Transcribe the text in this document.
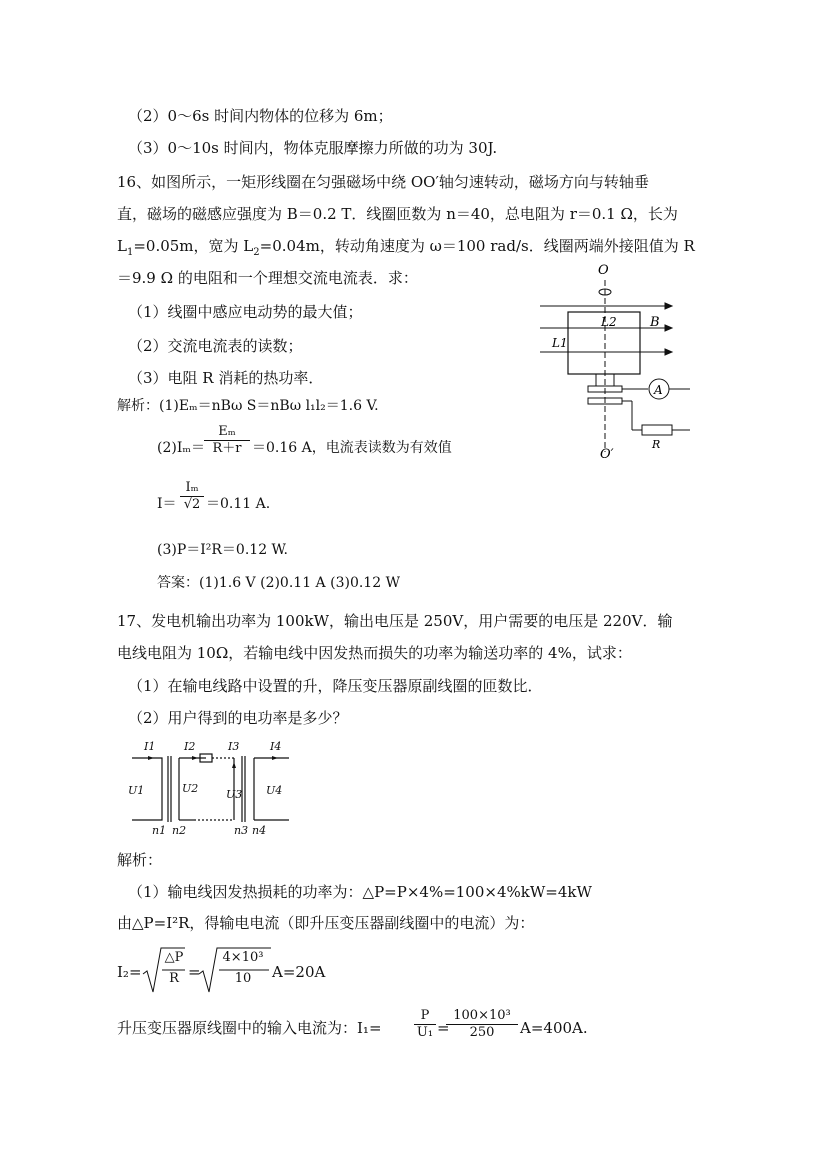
（2）0～6s 时间内物体的位移为 6m；
（3）0～10s 时间内，物体克服摩擦力所做的功为 30J.
16、如图所示，一矩形线圈在匀强磁场中绕 OO′轴匀速转动，磁场方向与转轴垂
直，磁场的磁感应强度为 B＝0.2 T．线圈匝数为 n＝40，总电阻为 r＝0.1 Ω，长为
$L_1=0.05m$，宽为 $L_2=0.04m$，转动角速度为 ω＝100 rad/s．线圈两端外接阻值为 R
＝9.9 Ω 的电阻和一个理想交流电流表．求：
（1）线圈中感应电动势的最大值；
（2）交流电流表的读数；
（3）电阻 R 消耗的热功率．
解析：(1)Eₘ＝nBω S＝nBω l₁l₂＝1.6 V.
$(2)I_m= \frac{\text{Eₘ}}{R+r} =0.16$ A，电流表读数为有效值
$I= \frac{\text{Iₘ}}{√2} =0.11$ A.
(3)P＝I²R＝0.12 W.
答案：(1)1.6 V (2)0.11 A (3)0.12 W
17、发电机输出功率为 100kW，输出电压是 250V，用户需要的电压是 220V．输
电线电阻为 10Ω，若输电线中因发热而损失的功率为输送功率的 4%，试求：
（1）在输电线路中设置的升，降压变压器原副线圈的匝数比．
（2）用户得到的电功率是多少？
解析：
（1）输电线因发热损耗的功率为：△P=P×4%=100×4%kW=4kW
由△P=I²R，得输电电流（即升压变压器副线圈中的电流）为：
I₂=
△P
R =
4×10³
10	A=20A
升压变压器原线圈中的输入电流为：$I_1= \frac{P}{\text{U₁}}$ =
$\frac{\text{100×10³}}{250} A=400A$.
O
O′
B
L2
L1
A
R
I1	I2	I3	I4
U1	U2	U3 U4
n1 n2	n3 n4
